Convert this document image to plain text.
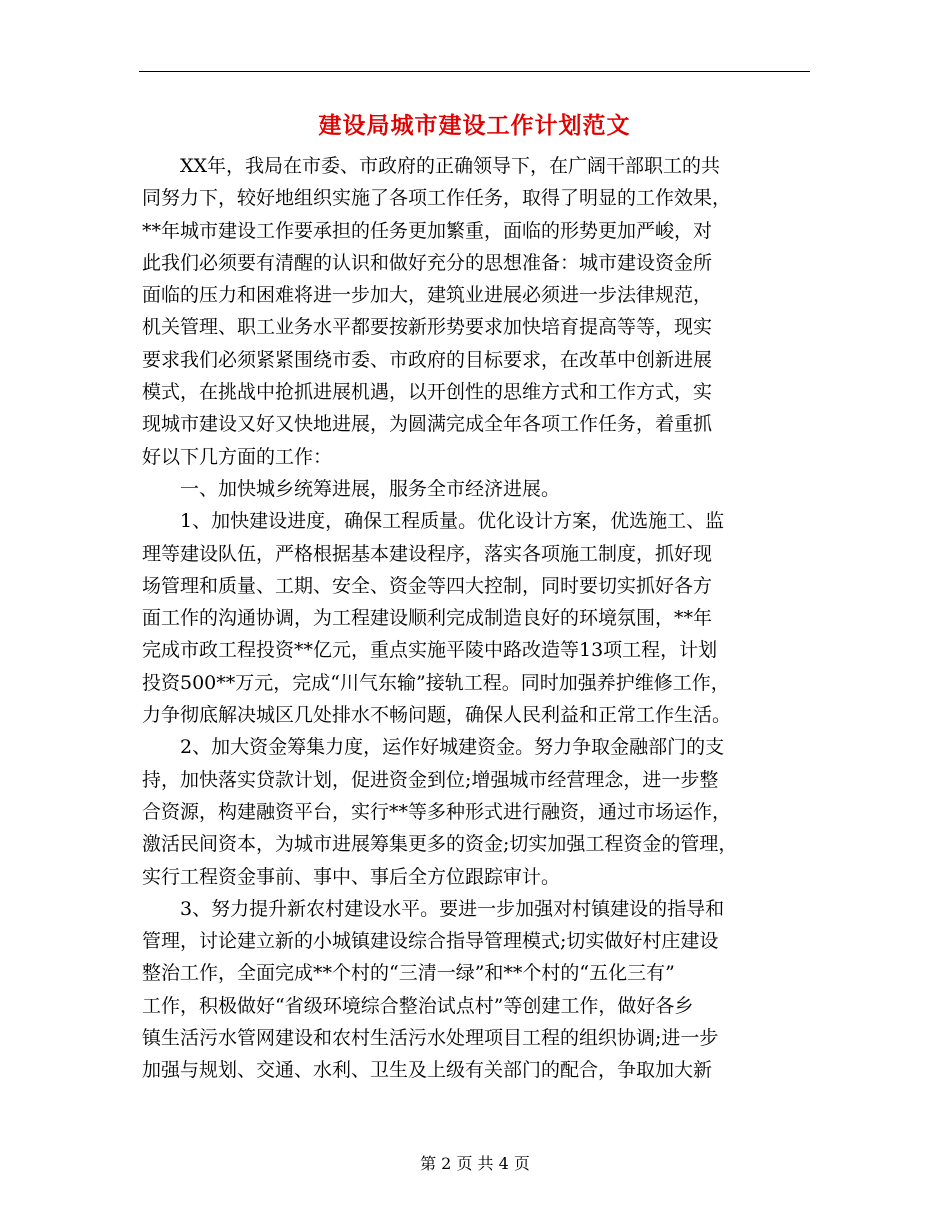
建设局城市建设工作计划范文
XX年，我局在市委、市政府的正确领导下，在广阔干部职工的共
同努力下，较好地组织实施了各项工作任务，取得了明显的工作效果，
**年城市建设工作要承担的任务更加繁重，面临的形势更加严峻，对
此我们必须要有清醒的认识和做好充分的思想准备：城市建设资金所
面临的压力和困难将进一步加大，建筑业进展必须进一步法律规范，
机关管理、职工业务水平都要按新形势要求加快培育提高等等，现实
要求我们必须紧紧围绕市委、市政府的目标要求，在改革中创新进展
模式，在挑战中抢抓进展机遇，以开创性的思维方式和工作方式，实
现城市建设又好又快地进展，为圆满完成全年各项工作任务，着重抓
好以下几方面的工作：
一、加快城乡统筹进展，服务全市经济进展。
1、加快建设进度，确保工程质量。优化设计方案，优选施工、监
理等建设队伍，严格根据基本建设程序，落实各项施工制度，抓好现
场管理和质量、工期、安全、资金等四大控制，同时要切实抓好各方
面工作的沟通协调，为工程建设顺利完成制造良好的环境氛围，**年
完成市政工程投资**亿元，重点实施平陵中路改造等13项工程，计划
投资500**万元，完成“川气东输”接轨工程。同时加强养护维修工作，
力争彻底解决城区几处排水不畅问题，确保人民利益和正常工作生活。
2、加大资金筹集力度，运作好城建资金。努力争取金融部门的支
持，加快落实贷款计划，促进资金到位;增强城市经营理念，进一步整
合资源，构建融资平台，实行**等多种形式进行融资，通过市场运作，
激活民间资本，为城市进展筹集更多的资金;切实加强工程资金的管理，
实行工程资金事前、事中、事后全方位跟踪审计。
3、努力提升新农村建设水平。要进一步加强对村镇建设的指导和
管理，讨论建立新的小城镇建设综合指导管理模式;切实做好村庄建设
整治工作，全面完成**个村的“三清一绿”和**个村的“五化三有”
工作，积极做好“省级环境综合整治试点村”等创建工作，做好各乡
镇生活污水管网建设和农村生活污水处理项目工程的组织协调;进一步
加强与规划、交通、水利、卫生及上级有关部门的配合，争取加大新
第 2 页 共 4 页
